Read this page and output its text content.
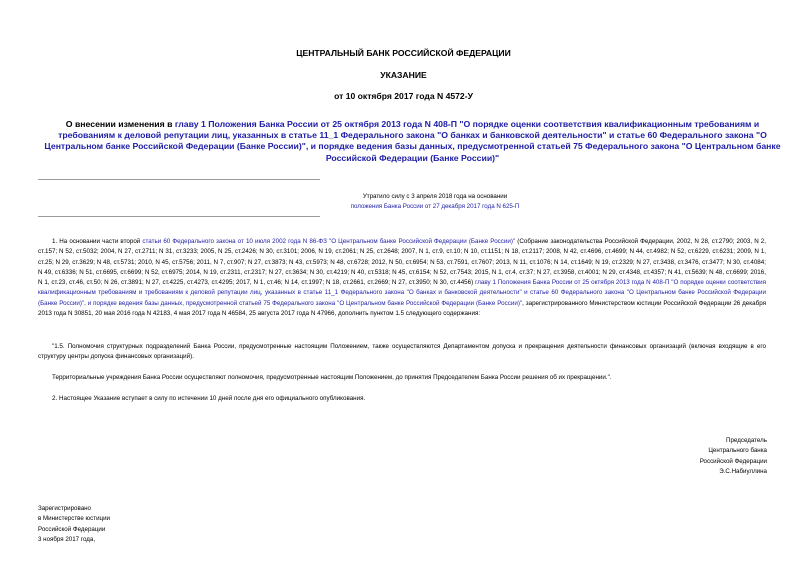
ЦЕНТРАЛЬНЫЙ БАНК РОССИЙСКОЙ ФЕДЕРАЦИИ
УКАЗАНИЕ
от 10 октября 2017 года N 4572-У
О внесении изменения в главу 1 Положения Банка России от 25 октября 2013 года N 408-П "О порядке оценки соответствия квалификационным требованиям и требованиям к деловой репутации лиц, указанных в статье 11_1 Федерального закона "О банках и банковской деятельности" и статье 60 Федерального закона "О Центральном банке Российской Федерации (Банке России)", и порядке ведения базы данных, предусмотренной статьей 75 Федерального закона "О Центральном банке Российской Федерации (Банке России)"
Утратило силу с 3 апреля 2018 года на основании
положения Банка России от 27 декабря 2017 года N 625-П
1. На основании части второй статьи 60 Федерального закона от 10 июля 2002 года N 86-ФЗ "О Центральном банке Российской Федерации (Банке России)" (Собрание законодательства Российской Федерации, 2002, N 28, ст.2790; 2003, N 2, ст.157; N 52, ст.5032; 2004, N 27, ст.2711; N 31, ст.3233; 2005, N 25, ст.2426; N 30, ст.3101; 2006, N 19, ст.2061; N 25, ст.2648; 2007, N 1, ст.9, ст.10; N 10, ст.1151; N 18, ст.2117; 2008, N 42, ст.4696, ст.4699; N 44, ст.4982; N 52, ст.6229, ст.6231; 2009, N 1, ст.25; N 29, ст.3629; N 48, ст.5731; 2010, N 45, ст.5756; 2011, N 7, ст.907; N 27, ст.3873; N 43, ст.5973; N 48, ст.6728; 2012, N 50, ст.6954; N 53, ст.7591, ст.7607; 2013, N 11, ст.1076; N 14, ст.1649; N 19, ст.2329; N 27, ст.3438, ст.3476, ст.3477; N 30, ст.4084; N 49, ст.6336; N 51, ст.6695, ст.6699; N 52, ст.6975; 2014, N 19, ст.2311, ст.2317; N 27, ст.3634; N 30, ст.4219; N 40, ст.5318; N 45, ст.6154; N 52, ст.7543; 2015, N 1, ст.4, ст.37; N 27, ст.3958, ст.4001; N 29, ст.4348, ст.4357; N 41, ст.5639; N 48, ст.6699; 2016, N 1, ст.23, ст.46, ст.50; N 26, ст.3891; N 27, ст.4225, ст.4273, ст.4295; 2017, N 1, ст.46; N 14, ст.1997; N 18, ст.2661, ст.2669; N 27, ст.3950; N 30, ст.4456) главу 1 Положения Банка России от 25 октября 2013 года N 408-П "О порядке оценки соответствия квалификационным требованиям и требованиям к деловой репутации лиц, указанных в статье 11_1 Федерального закона "О банках и банковской деятельности" и статье 60 Федерального закона "О Центральном банке Российской Федерации (Банке России)", и порядке ведения базы данных, предусмотренной статьей 75 Федерального закона "О Центральном банке Российской Федерации (Банке России)", зарегистрированного Министерством юстиции Российской Федерации 26 декабря 2013 года N 30851, 20 мая 2016 года N 42183, 4 мая 2017 года N 46584, 25 августа 2017 года N 47966, дополнить пунктом 1.5 следующего содержания:
"1.5. Полномочия структурных подразделений Банка России, предусмотренные настоящим Положением, также осуществляются Департаментом допуска и прекращения деятельности финансовых организаций (включая входящие в его структуру центры допуска финансовых организаций).
Территориальные учреждения Банка России осуществляют полномочия, предусмотренные настоящим Положением, до принятия Председателем Банка России решения об их прекращении.".
2. Настоящее Указание вступает в силу по истечении 10 дней после дня его официального опубликования.
Председатель
Центрального банка
Российской Федерации
Э.С.Набиуллина
Зарегистрировано
в Министерстве юстиции
Российской Федерации
3 ноября 2017 года,
